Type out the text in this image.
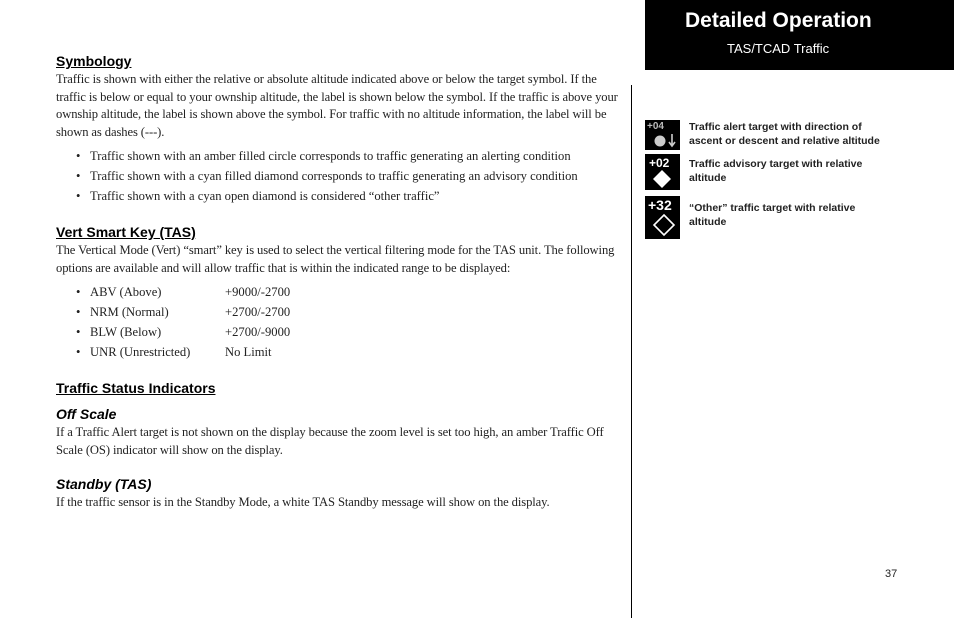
Detailed Operation
TAS/TCAD Traffic
Symbology

Traffic is shown with either the relative or absolute altitude indicated above or below the target symbol. If the traffic is below or equal to your ownship altitude, the label is shown below the symbol. If the traffic is above your ownship altitude, the label is shown above the symbol. For traffic with no altitude information, the label will be shown as dashes (---).

• Traffic shown with an amber filled circle corresponds to traffic generating an alerting condition
• Traffic shown with a cyan filled diamond corresponds to traffic generating an advisory condition
• Traffic shown with a cyan open diamond is considered “other traffic”
Vert Smart Key (TAS)

The Vertical Mode (Vert) “smart” key is used to select the vertical filtering mode for the TAS unit. The following options are available and will allow traffic that is within the indicated range to be displayed:

• ABV (Above)	+9000/-2700
• NRM (Normal)	+2700/-2700
• BLW (Below)	+2700/-9000
• UNR (Unrestricted)	No Limit
Traffic Status Indicators
Off Scale

If a Traffic Alert target is not shown on the display because the zoom level is set too high, an amber Traffic Off Scale (OS) indicator will show on the display.

Standby (TAS)

If the traffic sensor is in the Standby Mode, a white TAS Standby message will show on the display.

+04 Traffic alert target with direction of ascent or descent and relative altitude
+02 Traffic advisory target with relative altitude
+32 “Other” traffic target with relative altitude
37
